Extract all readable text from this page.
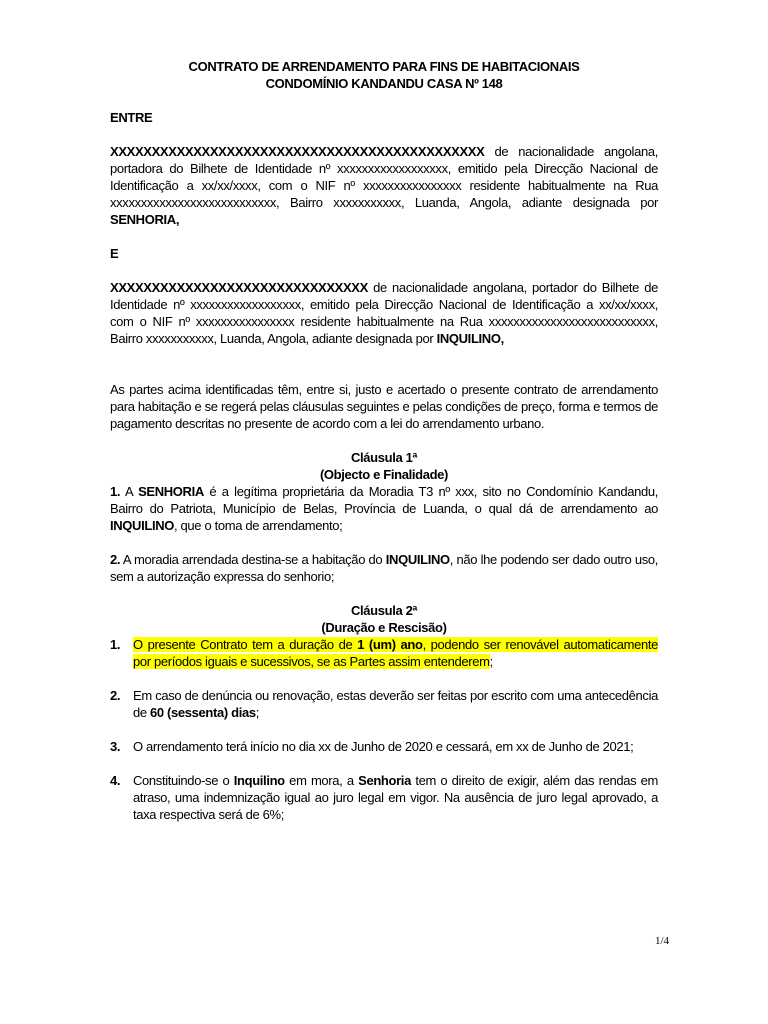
CONTRATO DE ARRENDAMENTO PARA FINS DE HABITACIONAIS
CONDOMÍNIO KANDANDU CASA Nº 148
ENTRE
XXXXXXXXXXXXXXXXXXXXXXXXXXXXXXXXXXXXXXXXXXXXX de nacionalidade angolana, portadora do Bilhete de Identidade nº xxxxxxxxxxxxxxxxxx, emitido pela Direcção Nacional de Identificação a xx/xx/xxxx, com o NIF nº xxxxxxxxxxxxxxxx residente habitualmente na Rua xxxxxxxxxxxxxxxxxxxxxxxxxxx, Bairro xxxxxxxxxxx, Luanda, Angola, adiante designada por SENHORIA,
E
XXXXXXXXXXXXXXXXXXXXXXXXXXXXXXX de nacionalidade angolana, portador do Bilhete de Identidade nº xxxxxxxxxxxxxxxxxx, emitido pela Direcção Nacional de Identificação a xx/xx/xxxx, com o NIF nº xxxxxxxxxxxxxxxx residente habitualmente na Rua xxxxxxxxxxxxxxxxxxxxxxxxxxx, Bairro xxxxxxxxxxx, Luanda, Angola, adiante designada por INQUILINO,
As partes acima identificadas têm, entre si, justo e acertado o presente contrato de arrendamento para habitação e se regerá pelas cláusulas seguintes e pelas condições de preço, forma e termos de pagamento descritas no presente de acordo com a lei do arrendamento urbano.
Cláusula 1ª
(Objecto e Finalidade)
1. A SENHORIA é a legítima proprietária da Moradia T3 nº xxx, sito no Condomínio Kandandu, Bairro do Patriota, Município de Belas, Província de Luanda, o qual dá de arrendamento ao INQUILINO, que o toma de arrendamento;
2. A moradia arrendada destina-se a habitação do INQUILINO, não lhe podendo ser dado outro uso, sem a autorização expressa do senhorio;
Cláusula 2ª
(Duração e Rescisão)
1. O presente Contrato tem a duração de 1 (um) ano, podendo ser renovável automaticamente por períodos iguais e sucessivos, se as Partes assim entenderem;
2. Em caso de denúncia ou renovação, estas deverão ser feitas por escrito com uma antecedência de 60 (sessenta) dias;
3. O arrendamento terá início no dia xx de Junho de 2020 e cessará, em xx de Junho de 2021;
4. Constituindo-se o Inquilino em mora, a Senhoria tem o direito de exigir, além das rendas em atraso, uma indemnização igual ao juro legal em vigor. Na ausência de juro legal aprovado, a taxa respectiva será de 6%;
1/4
